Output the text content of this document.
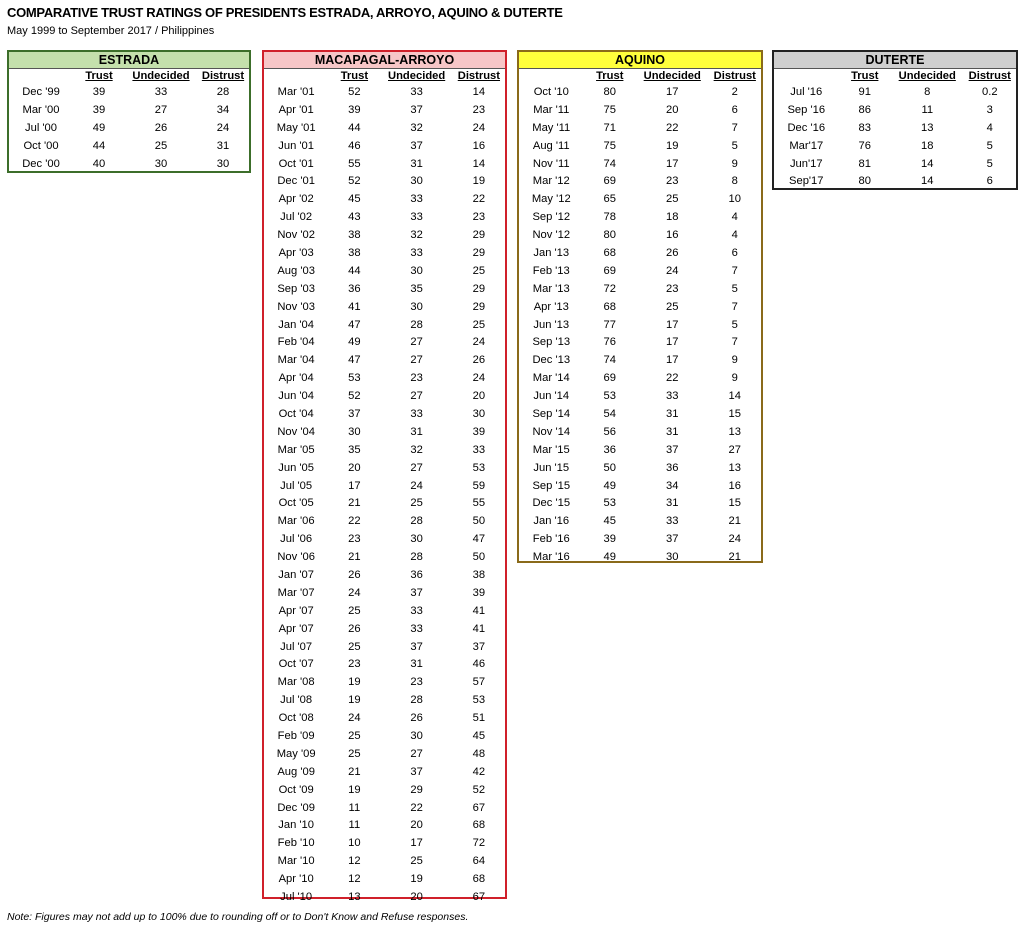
COMPARATIVE TRUST RATINGS OF PRESIDENTS ESTRADA, ARROYO, AQUINO & DUTERTE
May 1999 to September 2017 / Philippines
ESTRADA
	Trust	Undecided	Distrust
Dec '99	39	33	28
Mar '00	39	27	34
Jul '00	49	26	24
Oct '00	44	25	31
Dec '00	40	30	30
MACAPAGAL-ARROYO
	Trust	Undecided	Distrust
Mar '01	52	33	14
Apr '01	39	37	23
May '01	44	32	24
Jun '01	46	37	16
Oct '01	55	31	14
Dec '01	52	30	19
Apr '02	45	33	22
Jul '02	43	33	23
Nov '02	38	32	29
Apr '03	38	33	29
Aug '03	44	30	25
Sep '03	36	35	29
Nov '03	41	30	29
Jan '04	47	28	25
Feb '04	49	27	24
Mar '04	47	27	26
Apr '04	53	23	24
Jun '04	52	27	20
Oct '04	37	33	30
Nov '04	30	31	39
Mar '05	35	32	33
Jun '05	20	27	53
Jul '05	17	24	59
Oct '05	21	25	55
Mar '06	22	28	50
Jul '06	23	30	47
Nov '06	21	28	50
Jan '07	26	36	38
Mar '07	24	37	39
Apr '07	25	33	41
Apr '07	26	33	41
Jul '07	25	37	37
Oct '07	23	31	46
Mar '08	19	23	57
Jul '08	19	28	53
Oct '08	24	26	51
Feb '09	25	30	45
May '09	25	27	48
Aug '09	21	37	42
Oct '09	19	29	52
Dec '09	11	22	67
Jan '10	11	20	68
Feb '10	10	17	72
Mar '10	12	25	64
Apr '10	12	19	68
Jul '10	13	20	67
AQUINO
	Trust	Undecided	Distrust
Oct '10	80	17	2
Mar '11	75	20	6
May '11	71	22	7
Aug '11	75	19	5
Nov '11	74	17	9
Mar '12	69	23	8
May '12	65	25	10
Sep '12	78	18	4
Nov '12	80	16	4
Jan '13	68	26	6
Feb '13	69	24	7
Mar '13	72	23	5
Apr '13	68	25	7
Jun '13	77	17	5
Sep '13	76	17	7
Dec '13	74	17	9
Mar '14	69	22	9
Jun '14	53	33	14
Sep '14	54	31	15
Nov '14	56	31	13
Mar '15	36	37	27
Jun '15	50	36	13
Sep '15	49	34	16
Dec '15	53	31	15
Jan '16	45	33	21
Feb '16	39	37	24
Mar '16	49	30	21
DUTERTE
	Trust	Undecided	Distrust
Jul '16	91	8	0.2
Sep '16	86	11	3
Dec '16	83	13	4
Mar'17	76	18	5
Jun'17	81	14	5
Sep'17	80	14	6
Note: Figures may not add up to 100% due to rounding off or to Don't Know and Refuse responses.
